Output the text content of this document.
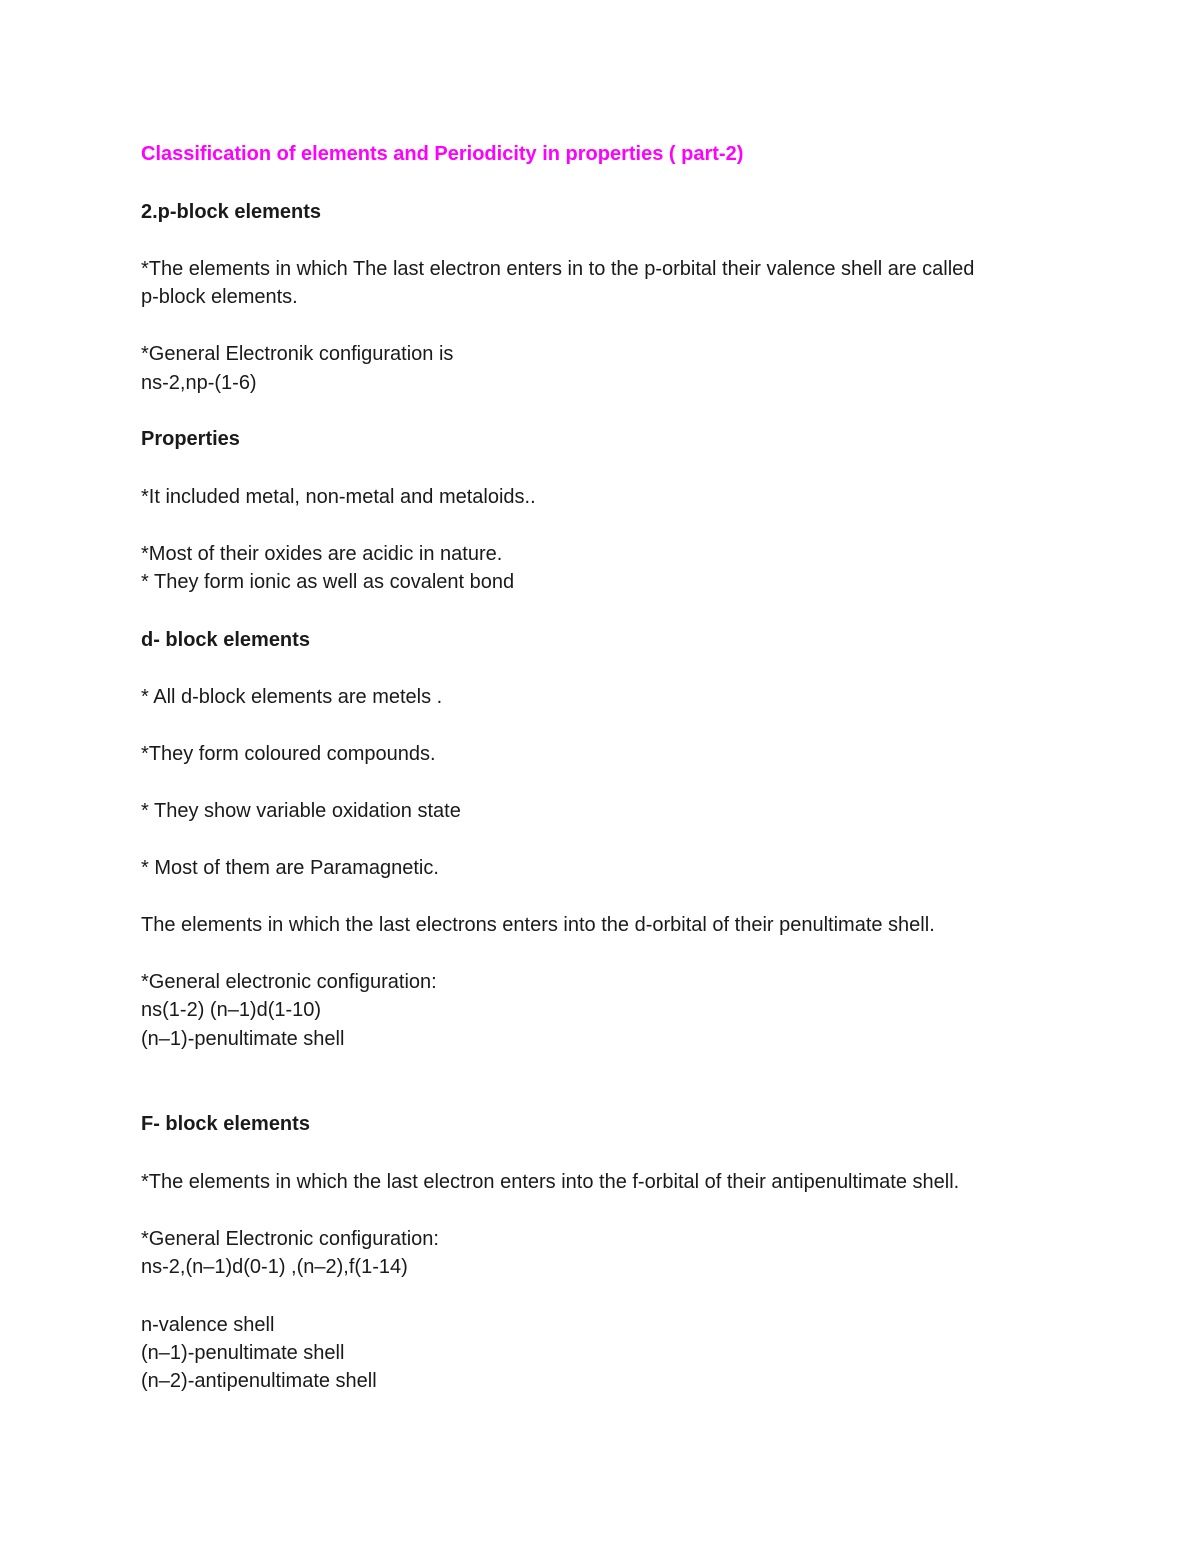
Classification of elements and Periodicity in properties ( part-2)
2.p-block elements
*The elements in which The last electron enters in to the p-orbital their valence shell are called
p-block elements.
*General Electronik configuration is
ns-2,np-(1-6)
Properties
*It included metal, non-metal and metaloids..
*Most of their oxides are acidic in nature.
* They form ionic as well as covalent bond
d- block elements
* All d-block elements are metels .
*They form coloured compounds.
* They show variable oxidation state
* Most of them are Paramagnetic.
The elements in which the last electrons enters into the d-orbital of their penultimate shell.
*General electronic configuration:
ns(1-2) (n–1)d(1-10)
(n–1)-penultimate shell
F- block elements
*The elements in which the last electron enters into the f-orbital of their antipenultimate shell.
*General Electronic configuration:
ns-2,(n–1)d(0-1) ,(n–2),f(1-14)
n-valence shell
(n–1)-penultimate shell
(n–2)-antipenultimate shell
